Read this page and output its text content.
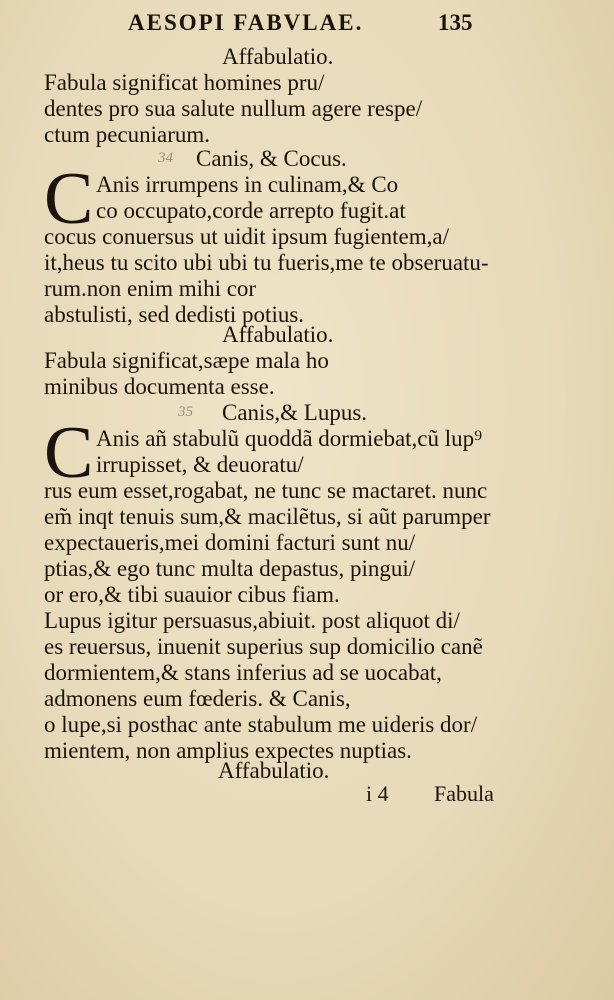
AESOPI FABVLAE.	135
Affabulatio.
Fabula significat homines pru/
dentes pro sua salute nullum agere respe/
ctum pecuniarum.
34 Canis, & Cocus.
C Anis irrumpens in culinam,& Co
co occupato,corde arrepto fugit.at
cocus conuersus ut uidit ipsum fugientem,a/
it,heus tu scito ubi ubi tu fueris,me te obseruatu-
rum.non enim mihi cor
abstulisti, sed dedisti potius.
Affabulatio.
Fabula significat,sæpe mala ho
minibus documenta esse.
35 Canis,& Lupus.
C Anis añ stabulũ quoddã dormiebat,cũ lup⁹
irrupisset, & deuoratu/
rus eum esset,rogabat, ne tunc se mactaret. nunc
em̃ inqt tenuis sum,& macilẽtus, si aũt parumper
expectaueris,mei domini facturi sunt nu/
ptias,& ego tunc multa depastus, pingui/
or ero,& tibi suauior cibus fiam.
Lupus igitur persuasus,abiuit. post aliquot di/
es reuersus, inuenit superius sup domicilio canẽ
dormientem,& stans inferius ad se uocabat,
admonens eum fœderis. & Canis,
o lupe,si posthac ante stabulum me uideris dor/
mientem, non amplius expectes nuptias.
Affabulatio.
i 4 Fabula
